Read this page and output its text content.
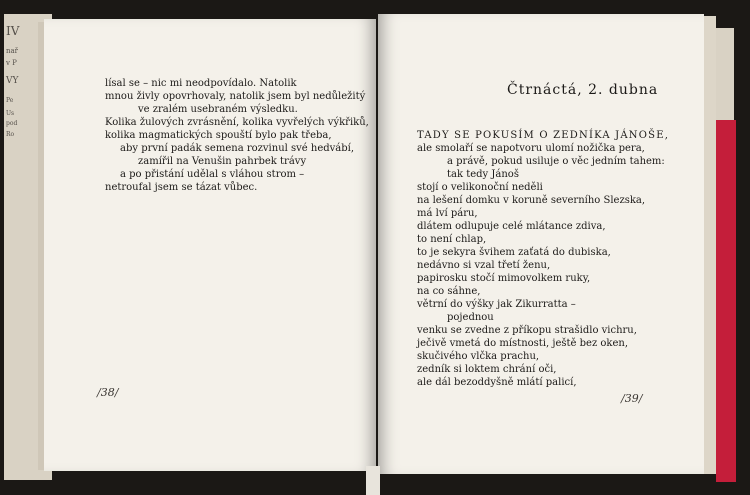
IV
nař
v P
VY
Pe
Us
pod
Ro
lísal se – nic mi neodpovídalo. Natolik
mnou živly opovrhovaly, natolik jsem byl nedůležitý
ve zralém usebraném výsledku.
Kolika žulových zvrásnění, kolika vyvřelých výkřiků,
kolika magmatických spouští bylo pak třeba,
aby první padák semena rozvinul své hedvábí,
zamířil na Venušin pahrbek trávy
a po přistání udělal s vláhou strom –
netroufal jsem se tázat vůbec.
/38/
Čtrnáctá, 2. dubna
TADY SE POKUSÍM O ZEDNÍKA JÁNOŠE,
ale smolaří se napotvoru ulomí nožička pera,
a právě, pokud usiluje o věc jedním tahem:
tak tedy Jánoš
stojí o velikonoční neděli
na lešení domku v koruně severního Slezska,
má lví páru,
dlátem odlupuje celé mlátance zdiva,
to není chlap,
to je sekyra švihem zaťatá do dubiska,
nedávno si vzal třetí ženu,
papirosku stočí mimovolkem ruky,
na co sáhne,
větrní do výšky jak Zikurratta –
pojednou
venku se zvedne z příkopu strašidlo vichru,
ječivě vmetá do místnosti, ještě bez oken,
skučivého vlčka prachu,
zedník si loktem chrání oči,
ale dál bezoddyšně mlátí palicí,
/39/
